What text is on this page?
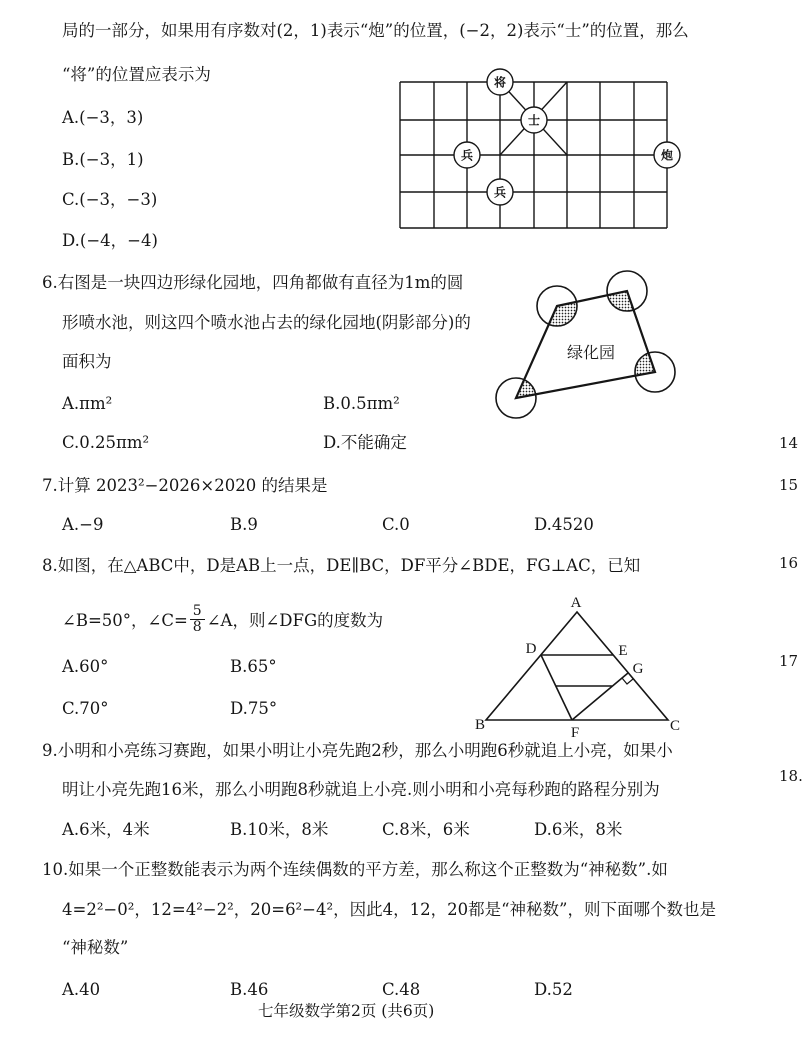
局的一部分，如果用有序数对(2，1)表示“炮”的位置，(−2，2)表示“士”的位置，那么
“将”的位置应表示为
A.(−3，3)
B.(−3，1)
C.(−3，−3)
D.(−4，−4)
将
士
兵	炮
兵
6.右图是一块四边形绿化园地，四角都做有直径为1m的圆
形喷水池，则这四个喷水池占去的绿化园地(阴影部分)的
面积为
A.πm²	B.0.5πm²
C.0.25πm²	D.不能确定
绿化园
7.计算 2023²−2026×2020 的结果是
A.−9	B.9	C.0	D.4520
8.如图，在△ABC中，D是AB上一点，DE∥BC，DF平分∠BDE，FG⊥AC，已知
∠B=50°，∠C= $\frac{5}{8}$ ∠A，则∠DFG的度数为
A.60°	B.65°
C.70°	D.75°
A
B	C
D	E
F
G
9.小明和小亮练习赛跑，如果小明让小亮先跑2秒，那么小明跑6秒就追上小亮，如果小
明让小亮先跑16米，那么小明跑8秒就追上小亮.则小明和小亮每秒跑的路程分别为
A.6米，4米	B.10米，8米	C.8米，6米	D.6米，8米
10.如果一个正整数能表示为两个连续偶数的平方差，那么称这个正整数为“神秘数”.如
4=2²−0²，12=4²−2²，20=6²−4²，因此4，12，20都是“神秘数”，则下面哪个数也是
“神秘数”
A.40	B.46	C.48	D.52
14
15
16
17
18.
七年级数学第2页 (共6页)
